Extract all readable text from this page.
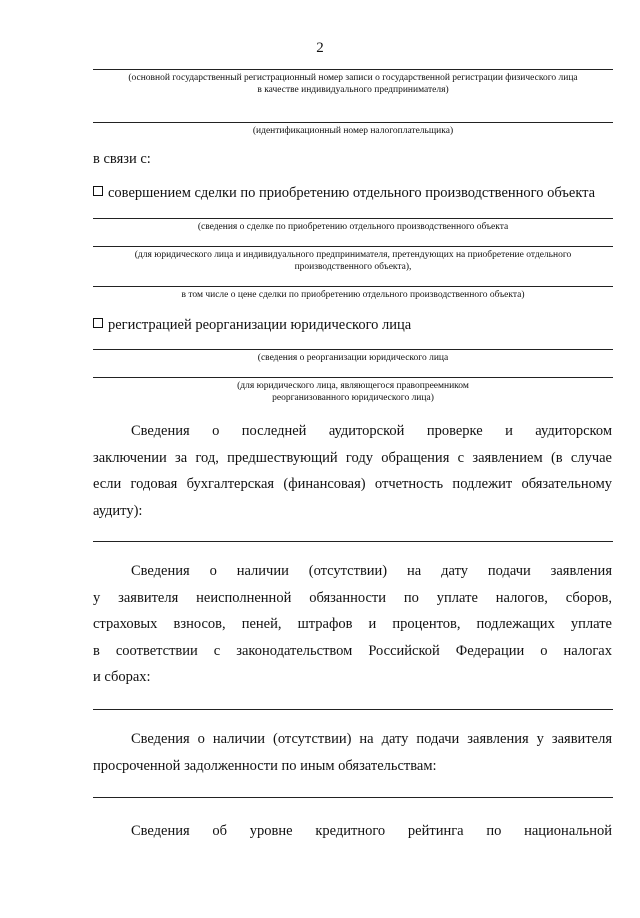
2
(основной государственный регистрационный номер записи о государственной регистрации физического лица
в качестве индивидуального предпринимателя)
(идентификационный номер налогоплательщика)
в связи с:
совершением сделки по приобретению отдельного производственного объекта
(сведения о сделке по приобретению отдельного производственного объекта
(для юридического лица и индивидуального предпринимателя, претендующих на приобретение отдельного
производственного объекта),
в том числе о цене сделки по приобретению отдельного производственного объекта)
регистрацией реорганизации юридического лица
(сведения о реорганизации юридического лица
(для юридического лица, являющегося правопреемником
реорганизованного юридического лица)
Сведения о последней аудиторской проверке и аудиторском
заключении за год, предшествующий году обращения с заявлением (в случае
если годовая бухгалтерская (финансовая) отчетность подлежит обязательному
аудиту):
Сведения о наличии (отсутствии) на дату подачи заявления
у заявителя неисполненной обязанности по уплате налогов, сборов,
страховых взносов, пеней, штрафов и процентов, подлежащих уплате
в соответствии с законодательством Российской Федерации о налогах
и сборах:
Сведения о наличии (отсутствии) на дату подачи заявления у заявителя
просроченной задолженности по иным обязательствам:
Сведения об уровне кредитного рейтинга по национальной
